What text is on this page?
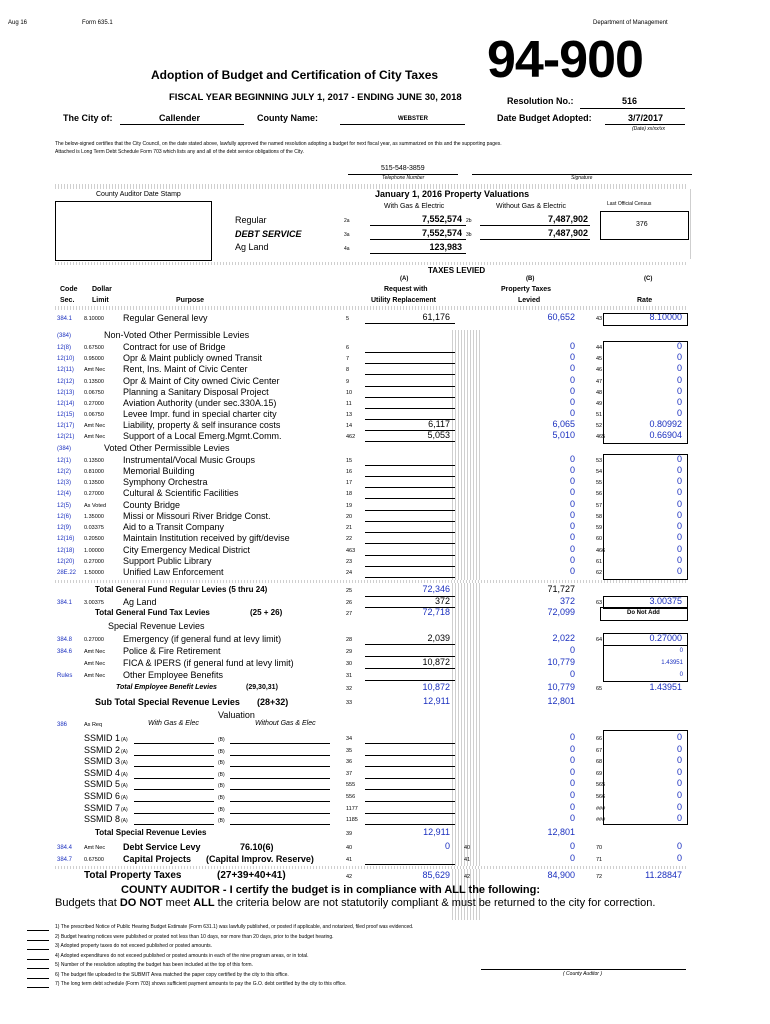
Aug 16	Form 635.1	Department of Management
94-900
Adoption of Budget and Certification of City Taxes
FISCAL YEAR BEGINNING JULY 1, 2017 - ENDING JUNE 30, 2018	Resolution No.:	516
The City of:	Callender	County Name:	WEBSTER	Date Budget Adopted:	3/7/2017
(Date) xx/xx/xx
The below-signed certifies that the City Council, on the date stated above, lawfully approved the named resolution adopting a budget for next fiscal year, as summarized on this and the supporting pages.
Attached is Long Term Debt Schedule Form 703 which lists any and all of the debt service obligations of the City.
515-548-3859
Telephone Number	Signature
County Auditor Date Stamp	January 1, 2016 Property Valuations
With Gas & Electric	Without Gas & Electric	Last Official Census
376
Regular	2a	7,552,574 2b	7,487,902
DEBT SERVICE	3a	7,552,574 3b	7,487,902
Ag Land	4a	123,983
TAXES LEVIED
(A)	(B)	(C)
Request with
Utility Replacement
Property Taxes
Levied	Rate
Code
Sec.
Dollar
Limit	Purpose
384.1 8.10000 Regular General levy	5	61,176	60,652	43	8.10000
(384)	Non-Voted Other Permissible Levies
12(8) 0.67500 Contract for use of Bridge	6	0	44	0
12(10) 0.95000 Opr & Maint publicly owned Transit	7	0	45	0
12(11) Amt Nec Rent, Ins. Maint of Civic Center	8	0	46	0
12(12) 0.13500 Opr & Maint of City owned Civic Center	9	0	47	0
12(13) 0.06750 Planning a Sanitary Disposal Project	10	0	48	0
12(14) 0.27000 Aviation Authority (under sec.330A.15)	11	0	49	0
12(15) 0.06750 Levee Impr. fund in special charter city	13	0	51	0
12(17) Amt Nec Liability, property & self insurance costs	14	6,117	6,065	52	0.80992
12(21) Amt Nec Support of a Local Emerg.Mgmt.Comm.	462	5,053	5,010	465	0.66904
(384)	Voted Other Permissible Levies
12(1) 0.13500 Instrumental/Vocal Music Groups	15	0	53	0
12(2) 0.81000 Memorial Building	16	0	54	0
12(3) 0.13500 Symphony Orchestra	17	0	55	0
12(4) 0.27000 Cultural & Scientific Facilities	18	0	56	0
12(5) As Voted County Bridge	19	0	57	0
12(6) 1.35000 Missi or Missouri River Bridge Const.	20	0	58	0
12(9) 0.03375 Aid to a Transit Company	21	0	59	0
12(16) 0.20500 Maintain Institution received by gift/devise	22	0	60	0
12(18) 1.00000 City Emergency Medical District	463	0	466	0
12(20) 0.27000 Support Public Library	23	0	61	0
28E.22 1.50000 Unified Law Enforcement	24	0	62	0
Total General Fund Regular Levies (5 thru 24)	25	72,346	71,727
384.1 3.00375 Ag Land	26	372	372	63	3.00375
Total General Fund Tax Levies	(25 + 26)	27	72,718	72,099	Do Not Add
Special Revenue Levies
384.8 0.27000 Emergency (if general fund at levy limit)	28	2,039	2,022	64	0.27000
384.6 Amt Nec Police & Fire Retirement	29	0	0
Amt Nec FICA & IPERS (if general fund at levy limit)	30	10,872	10,779	1.43951
Rules Amt Nec Other Employee Benefits	31	0	0
Total Employee Benefit Levies	(29,30,31)	32	10,872	10,779	65	1.43951
Sub Total Special Revenue Levies (28+32)	33	12,911	12,801
Valuation
With Gas & Elec	Without Gas & Elec
386	As Req
SSMID 1 (A)	(B)	34	0	66	0
SSMID 2 (A)	(B)	35	0	67	0
SSMID 3 (A)	(B)	36	0	68	0
SSMID 4 (A)	(B)	37	0	69	0
SSMID 5 (A)	(B)	555	0	565	0
SSMID 6 (A)	(B)	556	0	566	0
SSMID 7 (A)	(B)	1177	0	###	0
SSMID 8 (A)	(B)	1185	0	###	0
Total Special Revenue Levies	39	12,911	12,801
384.4 Amt Nec Debt Service Levy	76.10(6)	40	0	40	0	70	0
384.7 0.67500 Capital Projects (Capital Improv. Reserve)	41	41	0	71	0
Total Property Taxes	(27+39+40+41)	42	85,629	42	84,900	72	11.28847
COUNTY AUDITOR - I certify the budget is in compliance with ALL the following:
Budgets that DO NOT meet ALL the criteria below are not statutorily compliant & must be returned to the city for correction.
1) The prescribed Notice of Public Hearing Budget Estimate (Form 631.1) was lawfully published, or posted if applicable, and notarized, filed proof was evidenced.
2) Budget hearing notices were published or posted not less than 10 days, nor more than 20 days, prior to the budget hearing.
3) Adopted property taxes do not exceed published or posted amounts.
4) Adopted expenditures do not exceed published or posted amounts in each of the nine program areas, or in total.
5) Number of the resolution adopting the budget has been included at the top of this form.
6) The budget file uploaded to the SUBMIT Area matched the paper copy certified by the city to this office.
7) The long term debt schedule (Form 703) shows sufficient payment amounts to pay the G.O. debt certified by the city to this office.
( County Auditor )
